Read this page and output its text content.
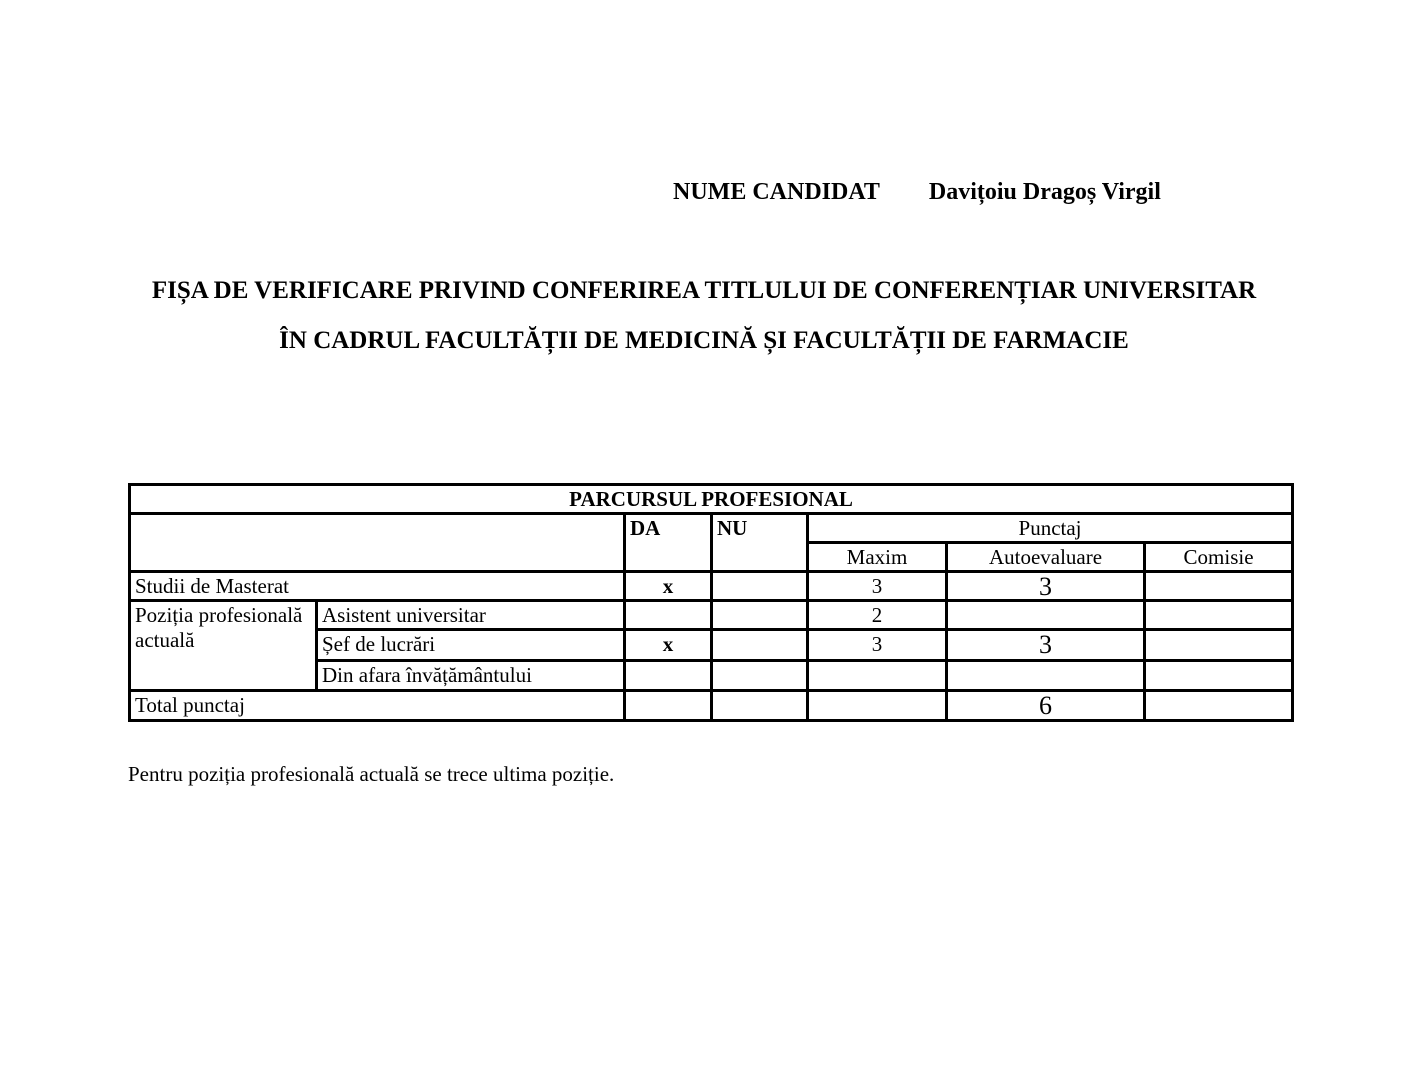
NUME CANDIDAT Davițoiu Dragoș Virgil
FIȘA DE VERIFICARE PRIVIND CONFERIREA TITLULUI DE CONFERENȚIAR UNIVERSITAR
ÎN CADRUL FACULTĂȚII DE MEDICINĂ ȘI FACULTĂȚII DE FARMACIE
PARCURSUL PROFESIONAL						
		DA	NU	Punctaj		
				Maxim	Autoevaluare	Comisie
Studii de Masterat		x		3	3	
Poziția profesională actuală	Asistent universitar			2		
	Șef de lucrări	x		3	3	
	Din afara învățământului					
Total punctaj					6	
Pentru poziția profesională actuală se trece ultima poziție.
